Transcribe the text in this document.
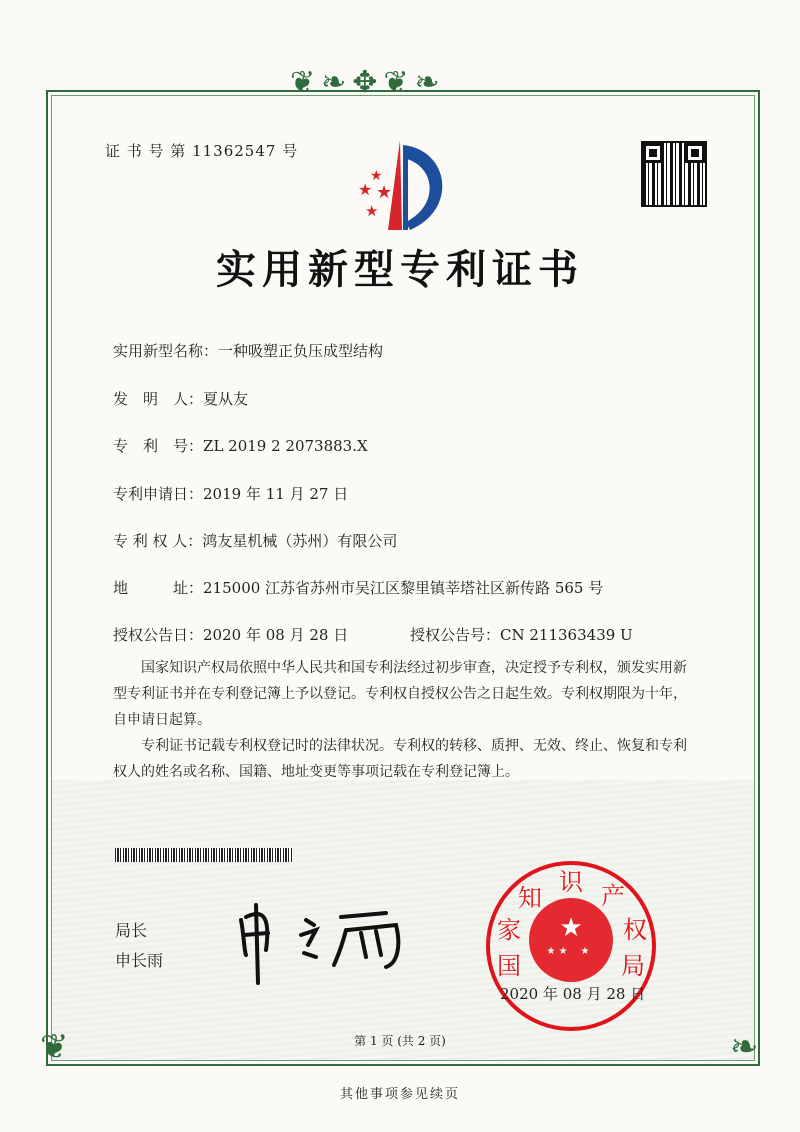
❦❧✥❦❧
❦	❧
证 书 号 第 11362547 号
★
★ ★
★
实用新型专利证书
实用新型名称：一种吸塑正负压成型结构
发　明　人：夏从友
专　利　号：ZL 2019 2 2073883.X
专利申请日：2019 年 11 月 27 日
专 利 权 人：鸿友星机械（苏州）有限公司
地　　　址：215000 江苏省苏州市吴江区黎里镇莘塔社区新传路 565 号
授权公告日：2020 年 08 月 28 日	授权公告号：CN 211363439 U
国家知识产权局依照中华人民共和国专利法经过初步审查，决定授予专利权，颁发实用新型专利证书并在专利登记簿上予以登记。专利权自授权公告之日起生效。专利权期限为十年，自申请日起算。
专利证书记载专利权登记时的法律状况。专利权的转移、质押、无效、终止、恢复和专利权人的姓名或名称、国籍、地址变更等事项记载在专利登记簿上。
局长
申长雨
★
★ ★ ★
国
家
知
识 产
权
局
2020 年 08 月 28 日
第 1 页 (共 2 页)
其他事项参见续页
